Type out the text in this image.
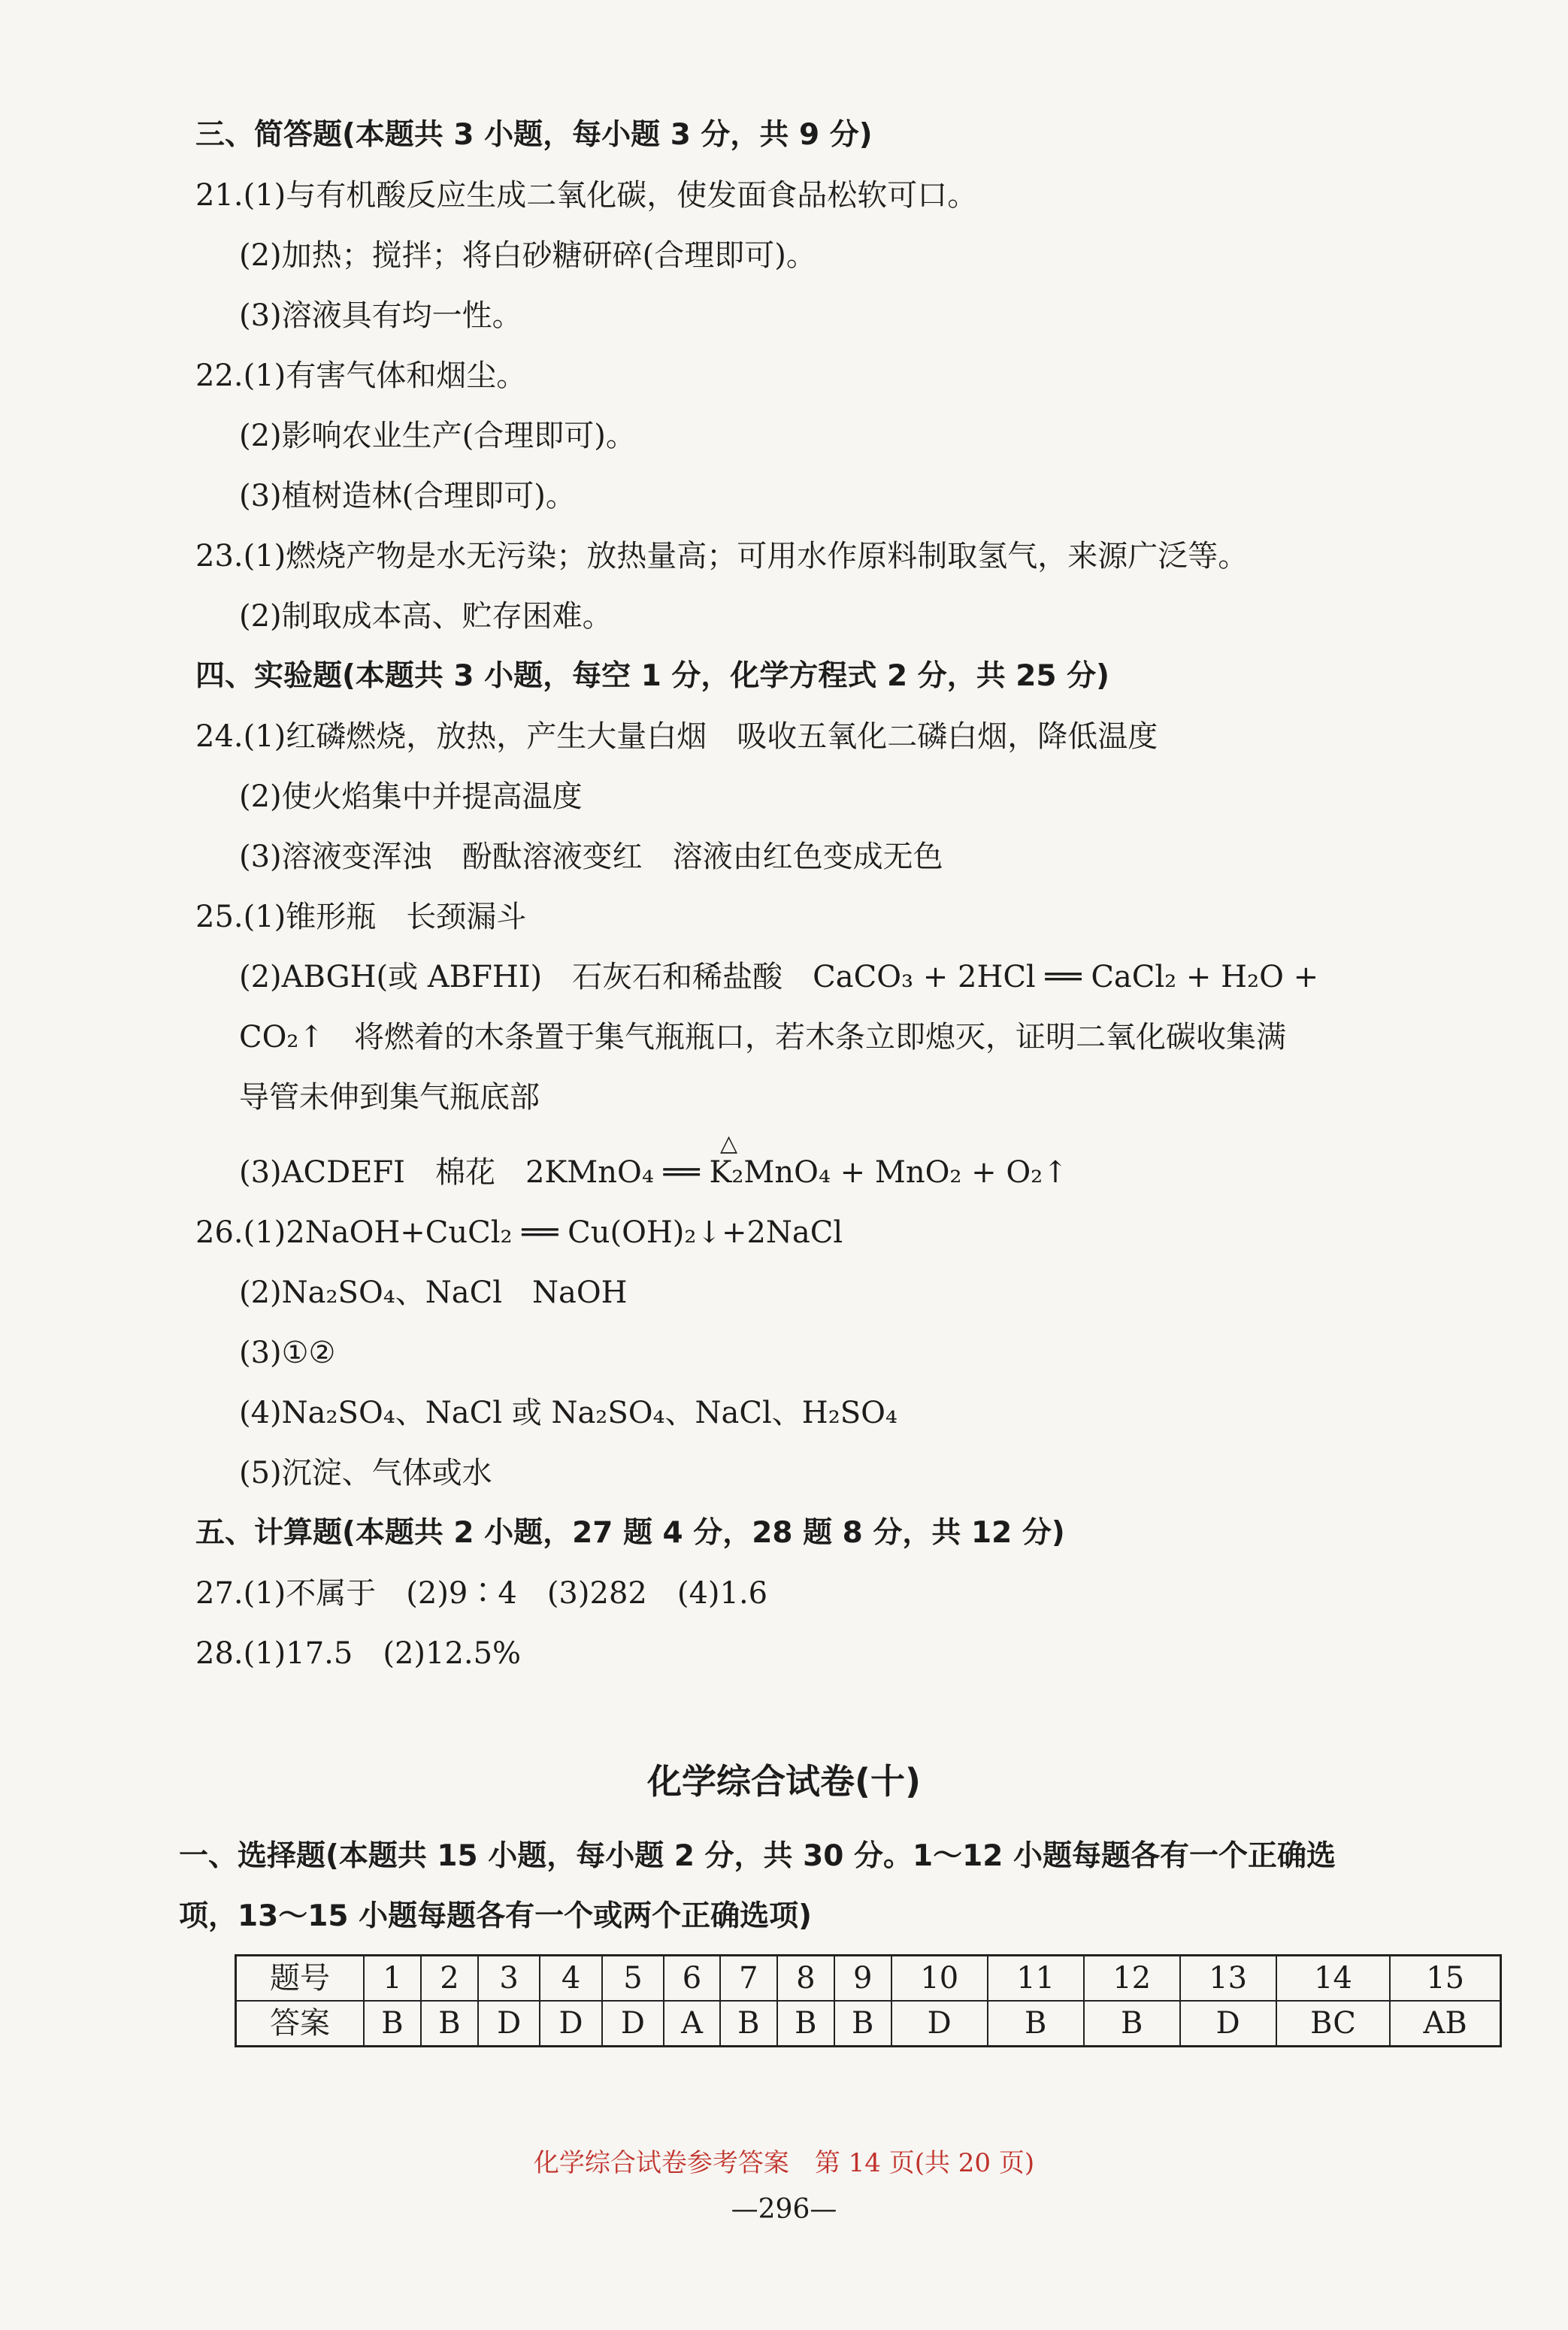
三、简答题(本题共 3 小题，每小题 3 分，共 9 分)
21.(1)与有机酸反应生成二氧化碳，使发面食品松软可口。
(2)加热；搅拌；将白砂糖研碎(合理即可)。
(3)溶液具有均一性。
22.(1)有害气体和烟尘。
(2)影响农业生产(合理即可)。
(3)植树造林(合理即可)。
23.(1)燃烧产物是水无污染；放热量高；可用水作原料制取氢气，来源广泛等。
(2)制取成本高、贮存困难。
四、实验题(本题共 3 小题，每空 1 分，化学方程式 2 分，共 25 分)
24.(1)红磷燃烧，放热，产生大量白烟　吸收五氧化二磷白烟，降低温度
(2)使火焰集中并提高温度
(3)溶液变浑浊　酚酞溶液变红　溶液由红色变成无色
25.(1)锥形瓶　长颈漏斗
(2)ABGH(或 ABFHI)　石灰石和稀盐酸　CaCO₃ + 2HCl ══ CaCl₂ + H₂O +
CO₂↑　将燃着的木条置于集气瓶瓶口，若木条立即熄灭，证明二氧化碳收集满
导管未伸到集气瓶底部
(3)ACDEFI　棉花　2KMnO₄ ══ K₂MnO₄ + MnO₂ + O₂↑
△
26.(1)2NaOH+CuCl₂ ══ Cu(OH)₂↓+2NaCl
(2)Na₂SO₄、NaCl　NaOH
(3)①②
(4)Na₂SO₄、NaCl 或 Na₂SO₄、NaCl、H₂SO₄
(5)沉淀、气体或水
五、计算题(本题共 2 小题，27 题 4 分，28 题 8 分，共 12 分)
27.(1)不属于　(2)9∶4　(3)282　(4)1.6
28.(1)17.5　(2)12.5%
化学综合试卷(十)
一、选择题(本题共 15 小题，每小题 2 分，共 30 分。1～12 小题每题各有一个正确选
项，13～15 小题每题各有一个或两个正确选项)
题号	1	2	3	4	5	6	7	8	9	10	11	12	13	14	15
答案	B	B	D	D	D	A	B	B	B	D	B	B	D	BC	AB
化学综合试卷参考答案　第 14 页(共 20 页)
—296—
